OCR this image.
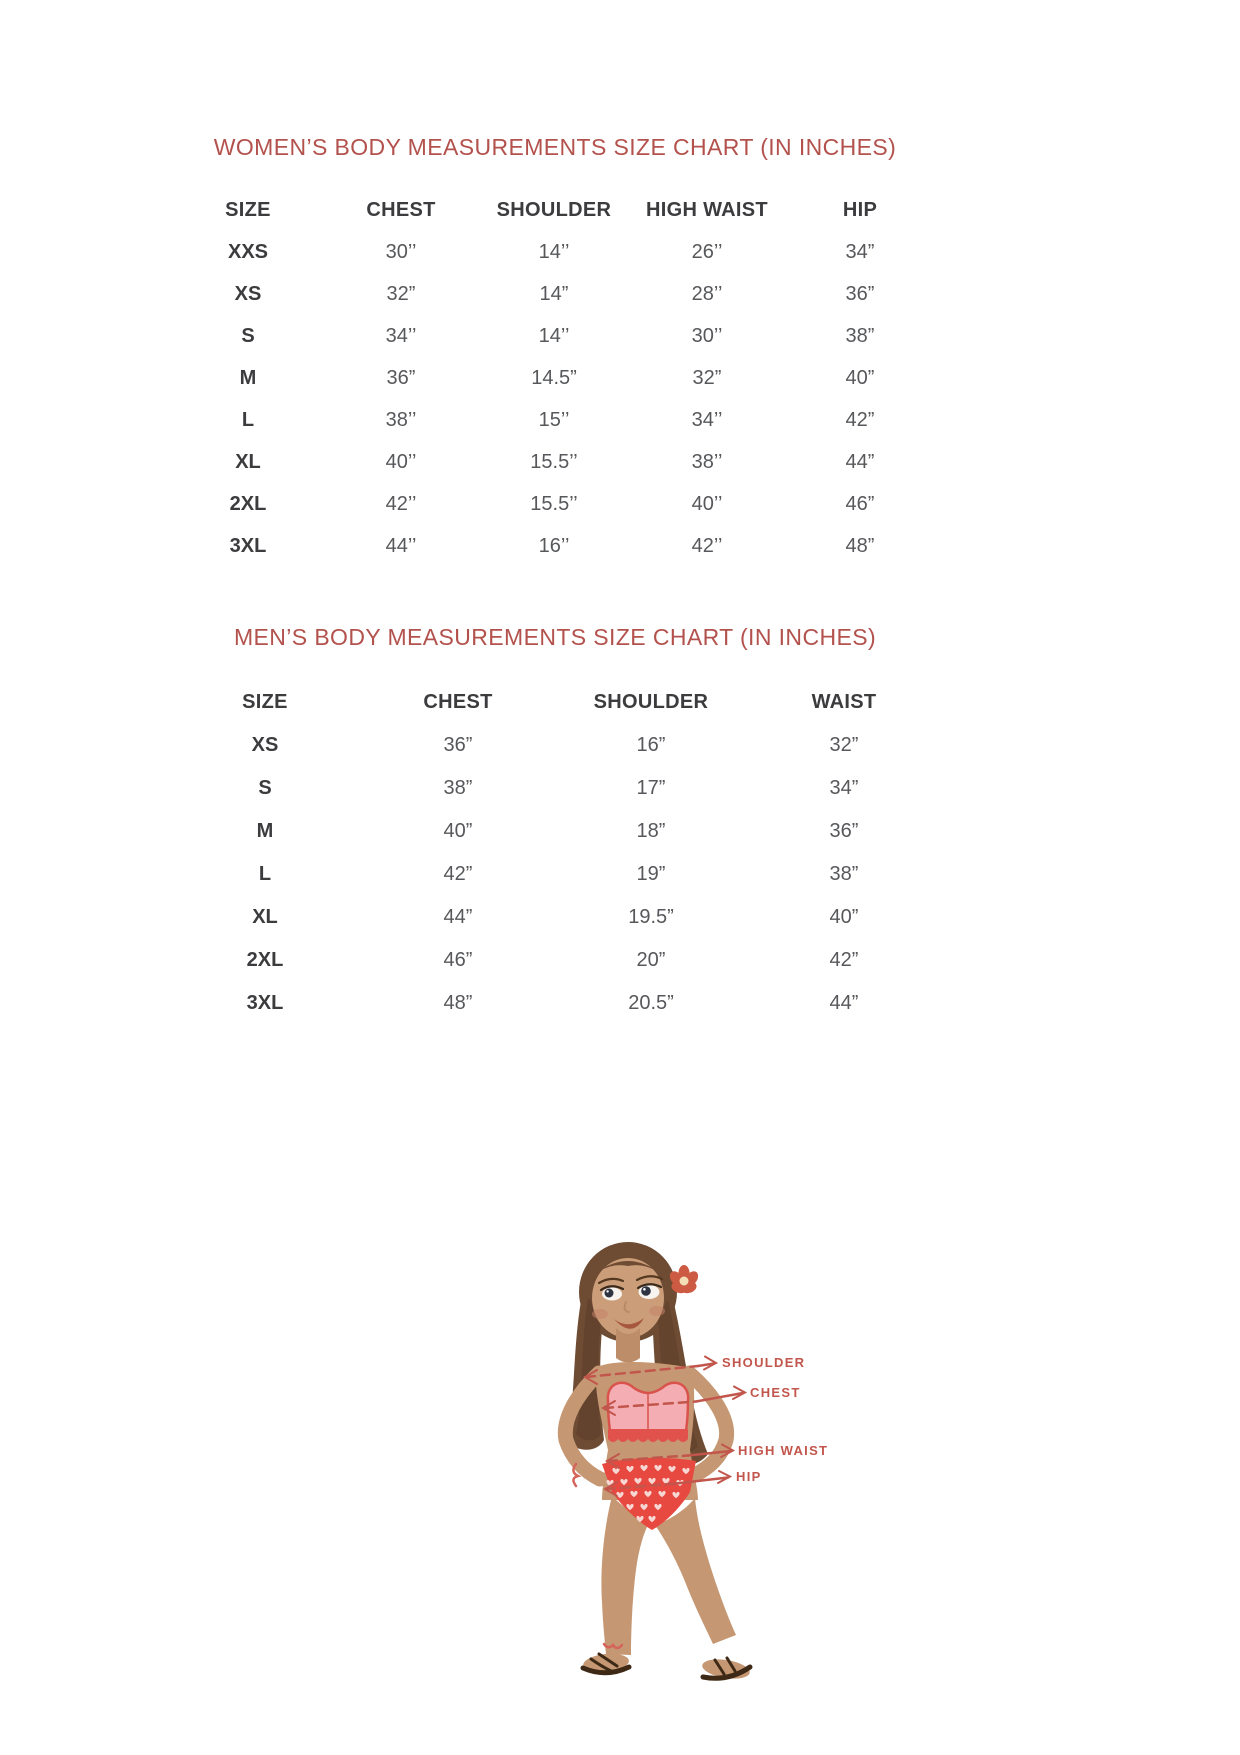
WOMEN’S BODY MEASUREMENTS SIZE CHART (IN INCHES)
SIZE	CHEST	SHOULDER	HIGH WAIST	HIP
XXS	30’’	14’’	26’’	34”
XS	32”	14”	28’’	36”
S	34’’	14’’	30’’	38”
M	36”	14.5”	32”	40”
L	38’’	15’’	34’’	42”
XL	40’’	15.5’’	38’’	44”
2XL	42’’	15.5’’	40’’	46”
3XL	44’’	16’’	42’’	48”
MEN’S BODY MEASUREMENTS SIZE CHART (IN INCHES)
SIZE	CHEST	SHOULDER	WAIST
XS	36”	16”	32”
S	38”	17”	34”
M	40”	18”	36”
L	42”	19”	38”
XL	44”	19.5”	40”
2XL	46”	20”	42”
3XL	48”	20.5”	44”
SHOULDER
CHEST
HIGH WAIST
HIP
